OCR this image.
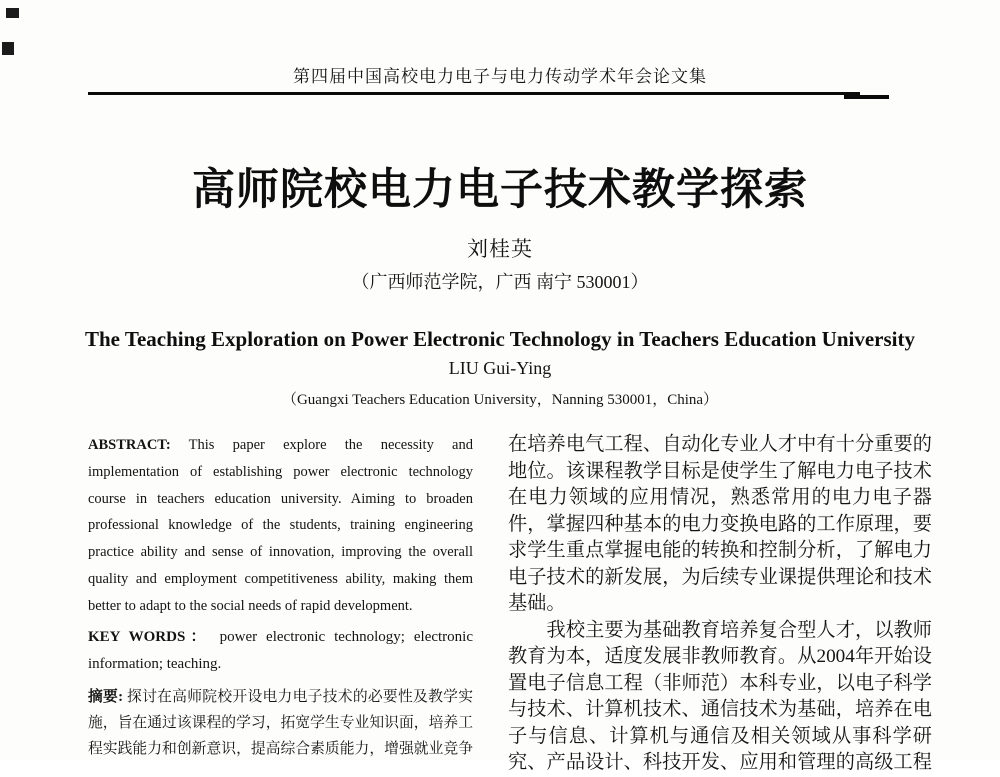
第四届中国高校电力电子与电力传动学术年会论文集
高师院校电力电子技术教学探索
刘桂英
（广西师范学院，广西 南宁 530001）
The Teaching Exploration on Power Electronic Technology in Teachers Education University
LIU Gui-Ying
（Guangxi Teachers Education University，Nanning 530001，China）
ABSTRACT: This paper explore the necessity and
implementation of establishing power electronic technology
course in teachers education university. Aiming to broaden
professional knowledge of the students, training engineering
practice ability and sense of innovation, improving the overall
quality and employment competitiveness ability, making them
better to adapt to the social needs of rapid development.
KEY WORDS： power electronic technology; electronic
information; teaching.
摘要: 探讨在高师院校开设电力电子技术的必要性及教学实
施，旨在通过该课程的学习，拓宽学生专业知识面，培养工
程实践能力和创新意识，提高综合素质能力，增强就业竞争
在培养电气工程、自动化专业人才中有十分重要的
地位。该课程教学目标是使学生了解电力电子技术
在电力领域的应用情况，熟悉常用的电力电子器
件，掌握四种基本的电力变换电路的工作原理，要
求学生重点掌握电能的转换和控制分析，了解电力
电子技术的新发展，为后续专业课提供理论和技术
基础。
　　我校主要为基础教育培养复合型人才，以教师
教育为本，适度发展非教师教育。从2004年开始设
置电子信息工程（非师范）本科专业，以电子科学
与技术、计算机技术、通信技术为基础，培养在电
子与信息、计算机与通信及相关领域从事科学研
究、产品设计、科技开发、应用和管理的高级工程
